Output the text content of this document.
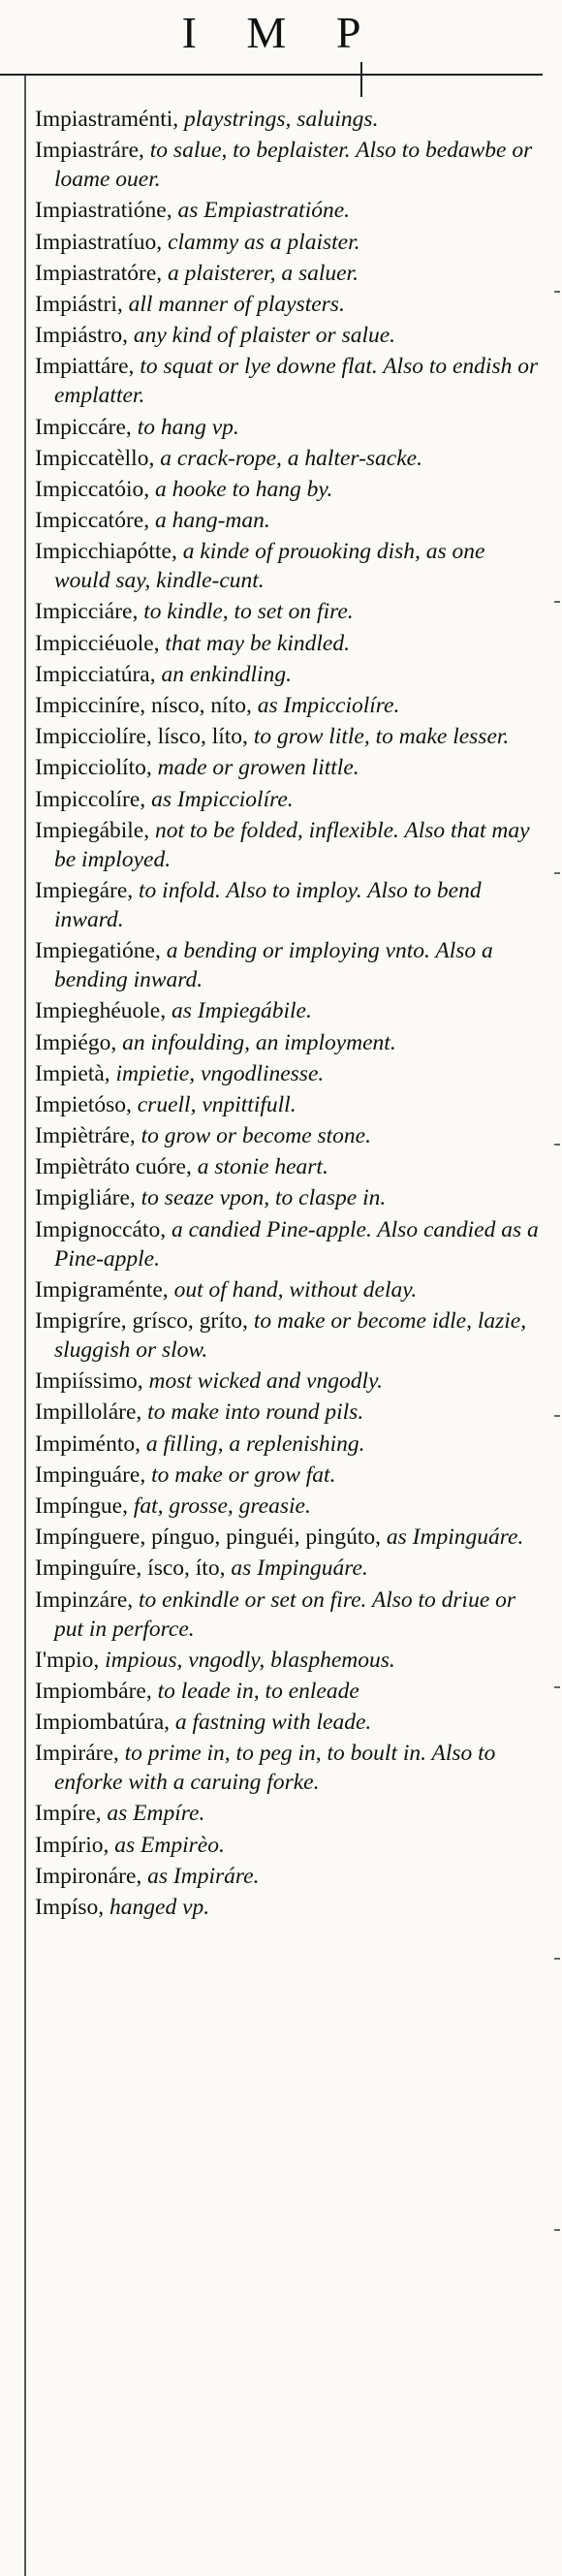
I M P
Impiastraménti, playstrings, saluings.
Impiastráre, to salue, to beplaister. Also to bedawbe or loame ouer.
Impiastratióne, as Empiastratióne.
Impiastratíuo, clammy as a plaister.
Impiastratóre, a plaisterer, a saluer.
Impiástri, all manner of playsters.
Impiástro, any kind of plaister or salue.
Impiattáre, to squat or lye downe flat. Also to endish or emplatter.
Impiccáre, to hang vp.
Impiccatèllo, a crack-rope, a halter-sacke.
Impiccatóio, a hooke to hang by.
Impiccatóre, a hang-man.
Impicchiapótte, a kinde of prouoking dish, as one would say, kindle-cunt.
Impicciáre, to kindle, to set on fire.
Impicciéuole, that may be kindled.
Impicciatúra, an enkindling.
Impicciníre, nísco, níto, as Impicciolíre.
Impicciolíre, lísco, líto, to grow litle, to make lesser.
Impicciolíto, made or growen little.
Impiccolíre, as Impicciolíre.
Impiegábile, not to be folded, inflexible. Also that may be imployed.
Impiegáre, to infold. Also to imploy. Also to bend inward.
Impiegatióne, a bending or imploying vnto. Also a bending inward.
Impieghéuole, as Impiegábile.
Impiégo, an infoulding, an imployment.
Impietà, impietie, vngodlinesse.
Impietóso, cruell, vnpittifull.
Impiètráre, to grow or become stone.
Impiètráto cuóre, a stonie heart.
Impigliáre, to seaze vpon, to claspe in.
Impignoccáto, a candied Pine-apple. Also candied as a Pine-apple.
Impigraménte, out of hand, without delay.
Impigríre, grísco, gríto, to make or become idle, lazie, sluggish or slow.
Impiíssimo, most wicked and vngodly.
Impilloláre, to make into round pils.
Impiménto, a filling, a replenishing.
Impinguáre, to make or grow fat.
Impíngue, fat, grosse, greasie.
Impínguere, pínguo, pinguéi, pingúto, as Impinguáre.
Impinguíre, ísco, íto, as Impinguáre.
Impinzáre, to enkindle or set on fire. Also to driue or put in perforce.
I'mpio, impious, vngodly, blasphemous.
Impiombáre, to leade in, to enleade
Impiombatúra, a fastning with leade.
Impiráre, to prime in, to peg in, to boult in. Also to enforke with a caruing forke.
Impíre, as Empíre.
Impírio, as Empirèo.
Impironáre, as Impiráre.
Impíso, hanged vp.
